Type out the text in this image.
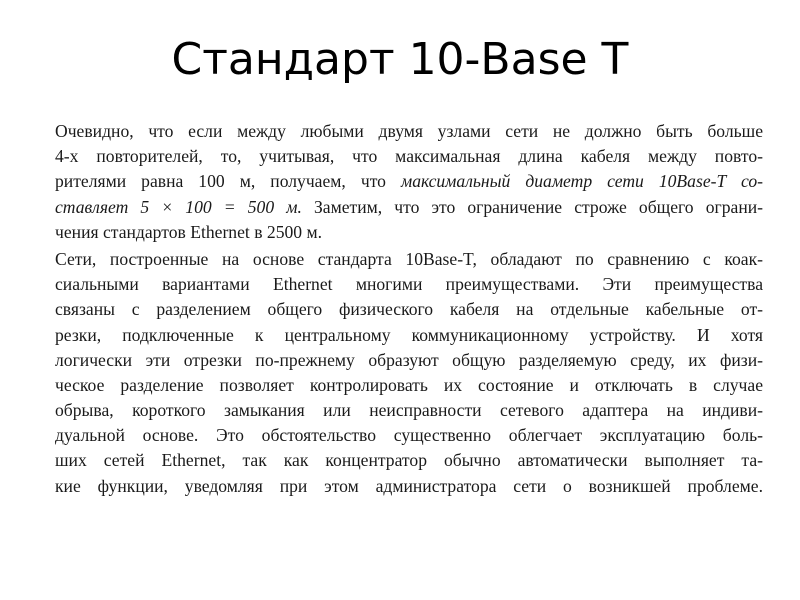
Стандарт 10-Base T
Очевидно, что если между любыми двумя узлами сети не должно быть больше
4-х повторителей, то, учитывая, что максимальная длина кабеля между повто-
рителями равна 100 м, получаем, что максимальный диаметр сети 10Base-T со-
ставляет 5 × 100 = 500 м. Заметим, что это ограничение строже общего ограни-
чения стандартов Ethernet в 2500 м.
Сети, построенные на основе стандарта 10Base-T, обладают по сравнению с коак-
сиальными вариантами Ethernet многими преимуществами. Эти преимущества
связаны с разделением общего физического кабеля на отдельные кабельные от-
резки, подключенные к центральному коммуникационному устройству. И хотя
логически эти отрезки по-прежнему образуют общую разделяемую среду, их физи-
ческое разделение позволяет контролировать их состояние и отключать в случае
обрыва, короткого замыкания или неисправности сетевого адаптера на индиви-
дуальной основе. Это обстоятельство существенно облегчает эксплуатацию боль-
ших сетей Ethernet, так как концентратор обычно автоматически выполняет та-
кие функции, уведомляя при этом администратора сети о возникшей проблеме.
